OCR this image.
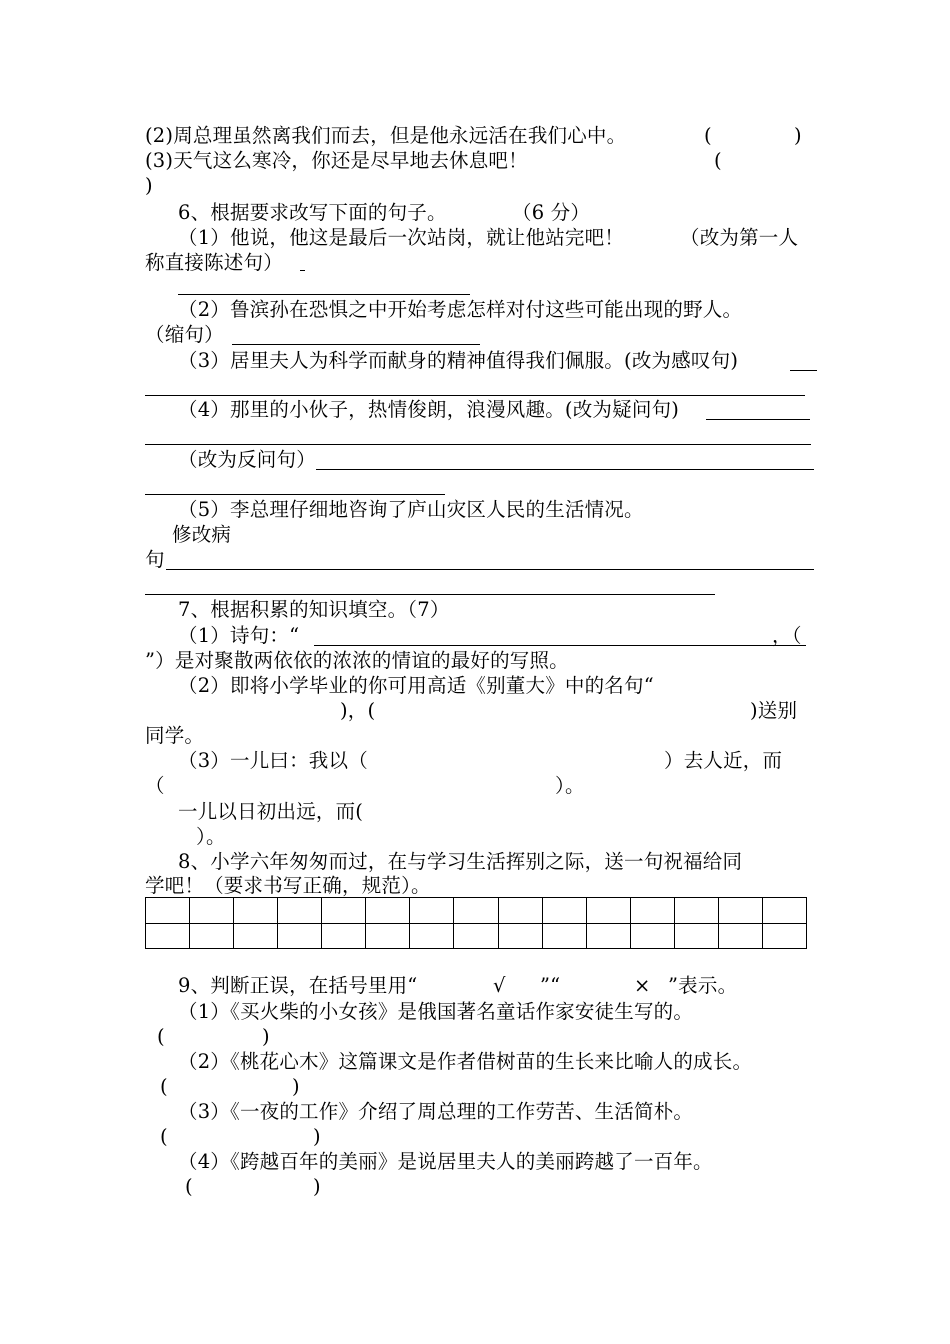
(2)周总理虽然离我们而去，但是他永远活在我们心中。	(	)
(3)天气这么寒冷，你还是尽早地去休息吧！	(
)
6、根据要求改写下面的句子。	（6 分）
（1）他说，他这是最后一次站岗，就让他站完吧！	（改为第一人
称直接陈述句）
（2）鲁滨孙在恐惧之中开始考虑怎样对付这些可能出现的野人。
（缩句）
（3）居里夫人为科学而献身的精神值得我们佩服。(改为感叹句)
（4）那里的小伙子，热情俊朗，浪漫风趣。(改为疑问句)
（改为反问句）
（5）李总理仔细地咨询了庐山灾区人民的生活情况。
修改病
句
7、根据积累的知识填空。（7）
（1）诗句：“	，（
”）是对聚散两依依的浓浓的情谊的最好的写照。
（2）即将小学毕业的你可用高适《别董大》中的名句“
)，(	)送别
同学。
（3）一儿曰：我以（	）去人近，而
（	）。
一儿以日初出远，而(
）。
8、小学六年匆匆而过，在与学习生活挥别之际，送一句祝福给同
学吧！（要求书写正确，规范）。

9、判断正误，在括号里用“	√ ”“	× ”表示。
（1）《买火柴的小女孩》是俄国著名童话作家安徒生写的。
(	)
（2）《桃花心木》这篇课文是作者借树苗的生长来比喻人的成长。
(	)
（3）《一夜的工作》介绍了周总理的工作劳苦、生活简朴。
(	)
（4）《跨越百年的美丽》是说居里夫人的美丽跨越了一百年。
(	)
